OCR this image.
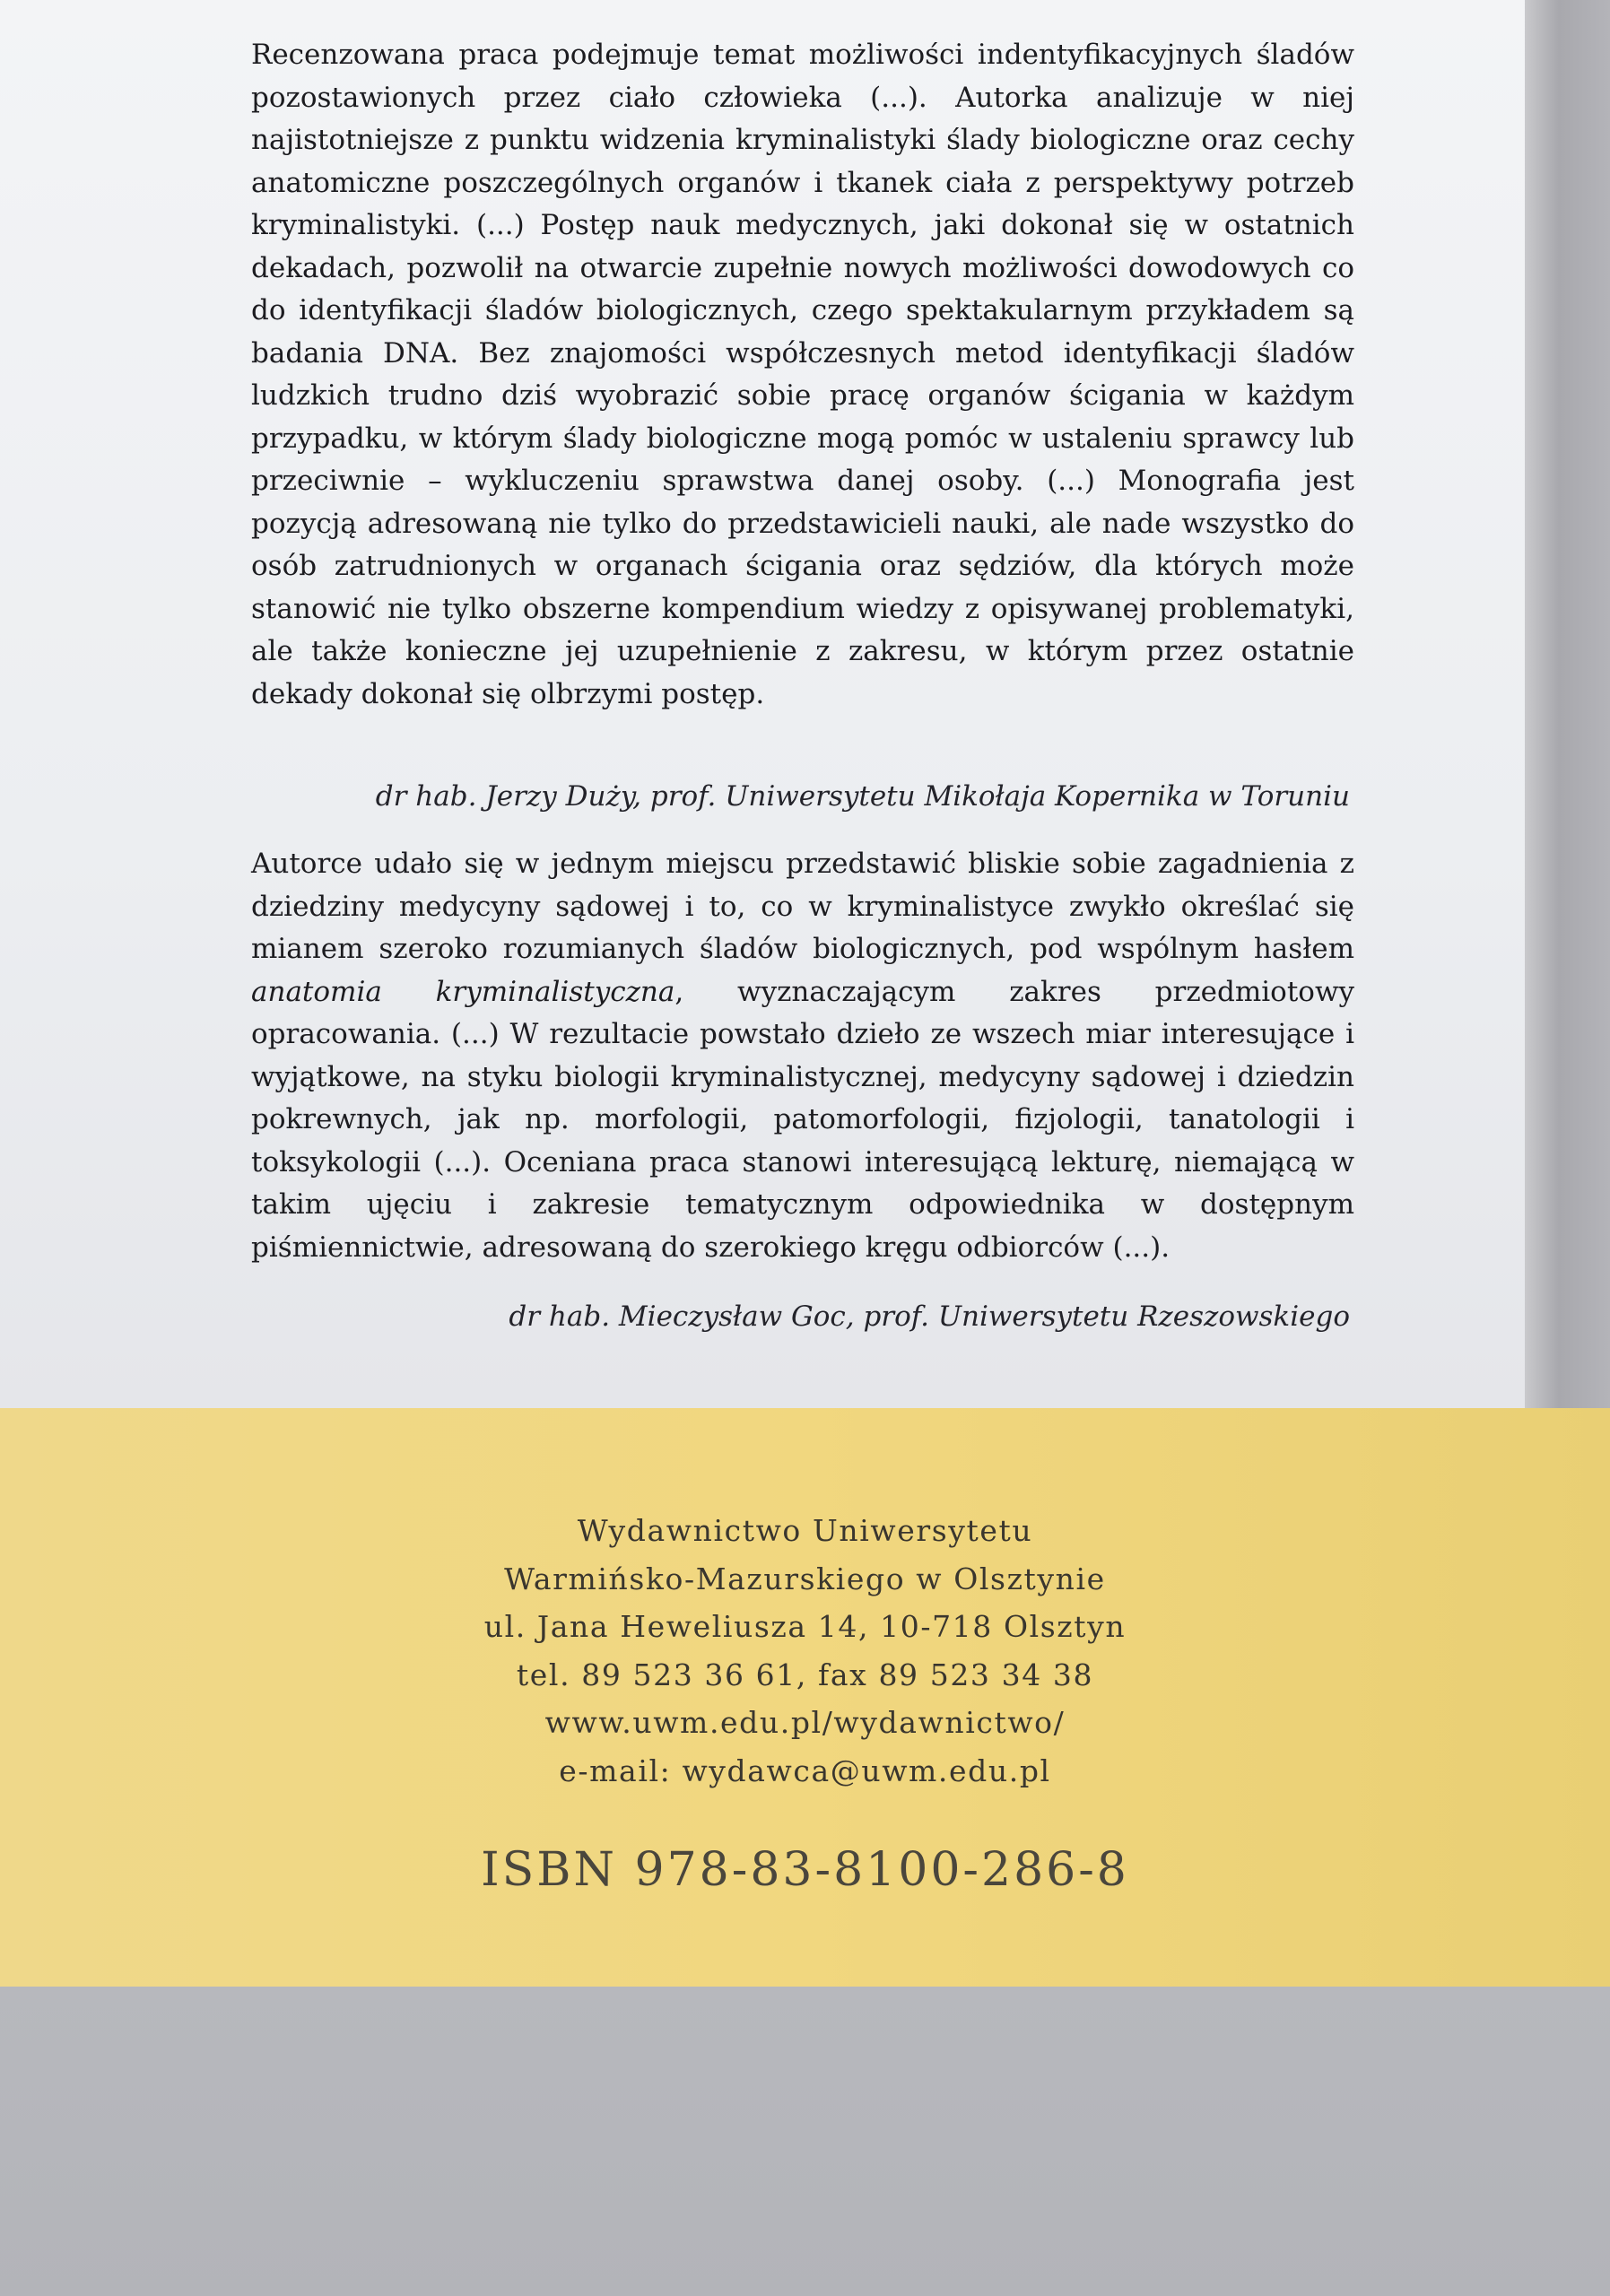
Recenzowana praca podejmuje temat możliwości indentyfikacyjnych śladów pozostawionych przez ciało człowieka (...). Autorka analizuje w niej najistotniejsze z punktu widzenia kryminalistyki ślady biologiczne oraz cechy anatomiczne poszczególnych organów i tkanek ciała z perspektywy potrzeb kryminalistyki. (...) Postęp nauk medycznych, jaki dokonał się w ostatnich dekadach, pozwolił na otwarcie zupełnie nowych możliwości dowodowych co do identyfikacji śladów biologicznych, czego spektakularnym przykładem są badania DNA. Bez znajomości współczesnych metod identyfikacji śladów ludzkich trudno dziś wyobrazić sobie pracę organów ścigania w każdym przypadku, w którym ślady biologiczne mogą pomóc w ustaleniu sprawcy lub przeciwnie – wykluczeniu sprawstwa danej osoby. (...) Monografia jest pozycją adresowaną nie tylko do przedstawicieli nauki, ale nade wszystko do osób zatrudnionych w organach ścigania oraz sędziów, dla których może stanowić nie tylko obszerne kompendium wiedzy z opisywanej problematyki, ale także konieczne jej uzupełnienie z zakresu, w którym przez ostatnie dekady dokonał się olbrzymi postęp.

dr hab. Jerzy Duży, prof. Uniwersytetu Mikołaja Kopernika w Toruniu

Autorce udało się w jednym miejscu przedstawić bliskie sobie zagadnienia z dziedziny medycyny sądowej i to, co w kryminalistyce zwykło określać się mianem szeroko rozumianych śladów biologicznych, pod wspólnym hasłem anatomia kryminalistyczna, wyznaczającym zakres przedmiotowy opracowania. (...) W rezultacie powstało dzieło ze wszech miar interesujące i wyjątkowe, na styku biologii kryminalistycznej, medycyny sądowej i dziedzin pokrewnych, jak np. morfologii, patomorfologii, fizjologii, tanatologii i toksykologii (...). Oceniana praca stanowi interesującą lekturę, niemającą w takim ujęciu i zakresie tematycznym odpowiednika w dostępnym piśmiennictwie, adresowaną do szerokiego kręgu odbiorców (...).

dr hab. Mieczysław Goc, prof. Uniwersytetu Rzeszowskiego
Wydawnictwo Uniwersytetu
Warmińsko-Mazurskiego w Olsztynie
ul. Jana Heweliusza 14, 10-718 Olsztyn
tel. 89 523 36 61, fax 89 523 34 38
www.uwm.edu.pl/wydawnictwo/
e-mail: wydawca@uwm.edu.pl
ISBN 978-83-8100-286-8
